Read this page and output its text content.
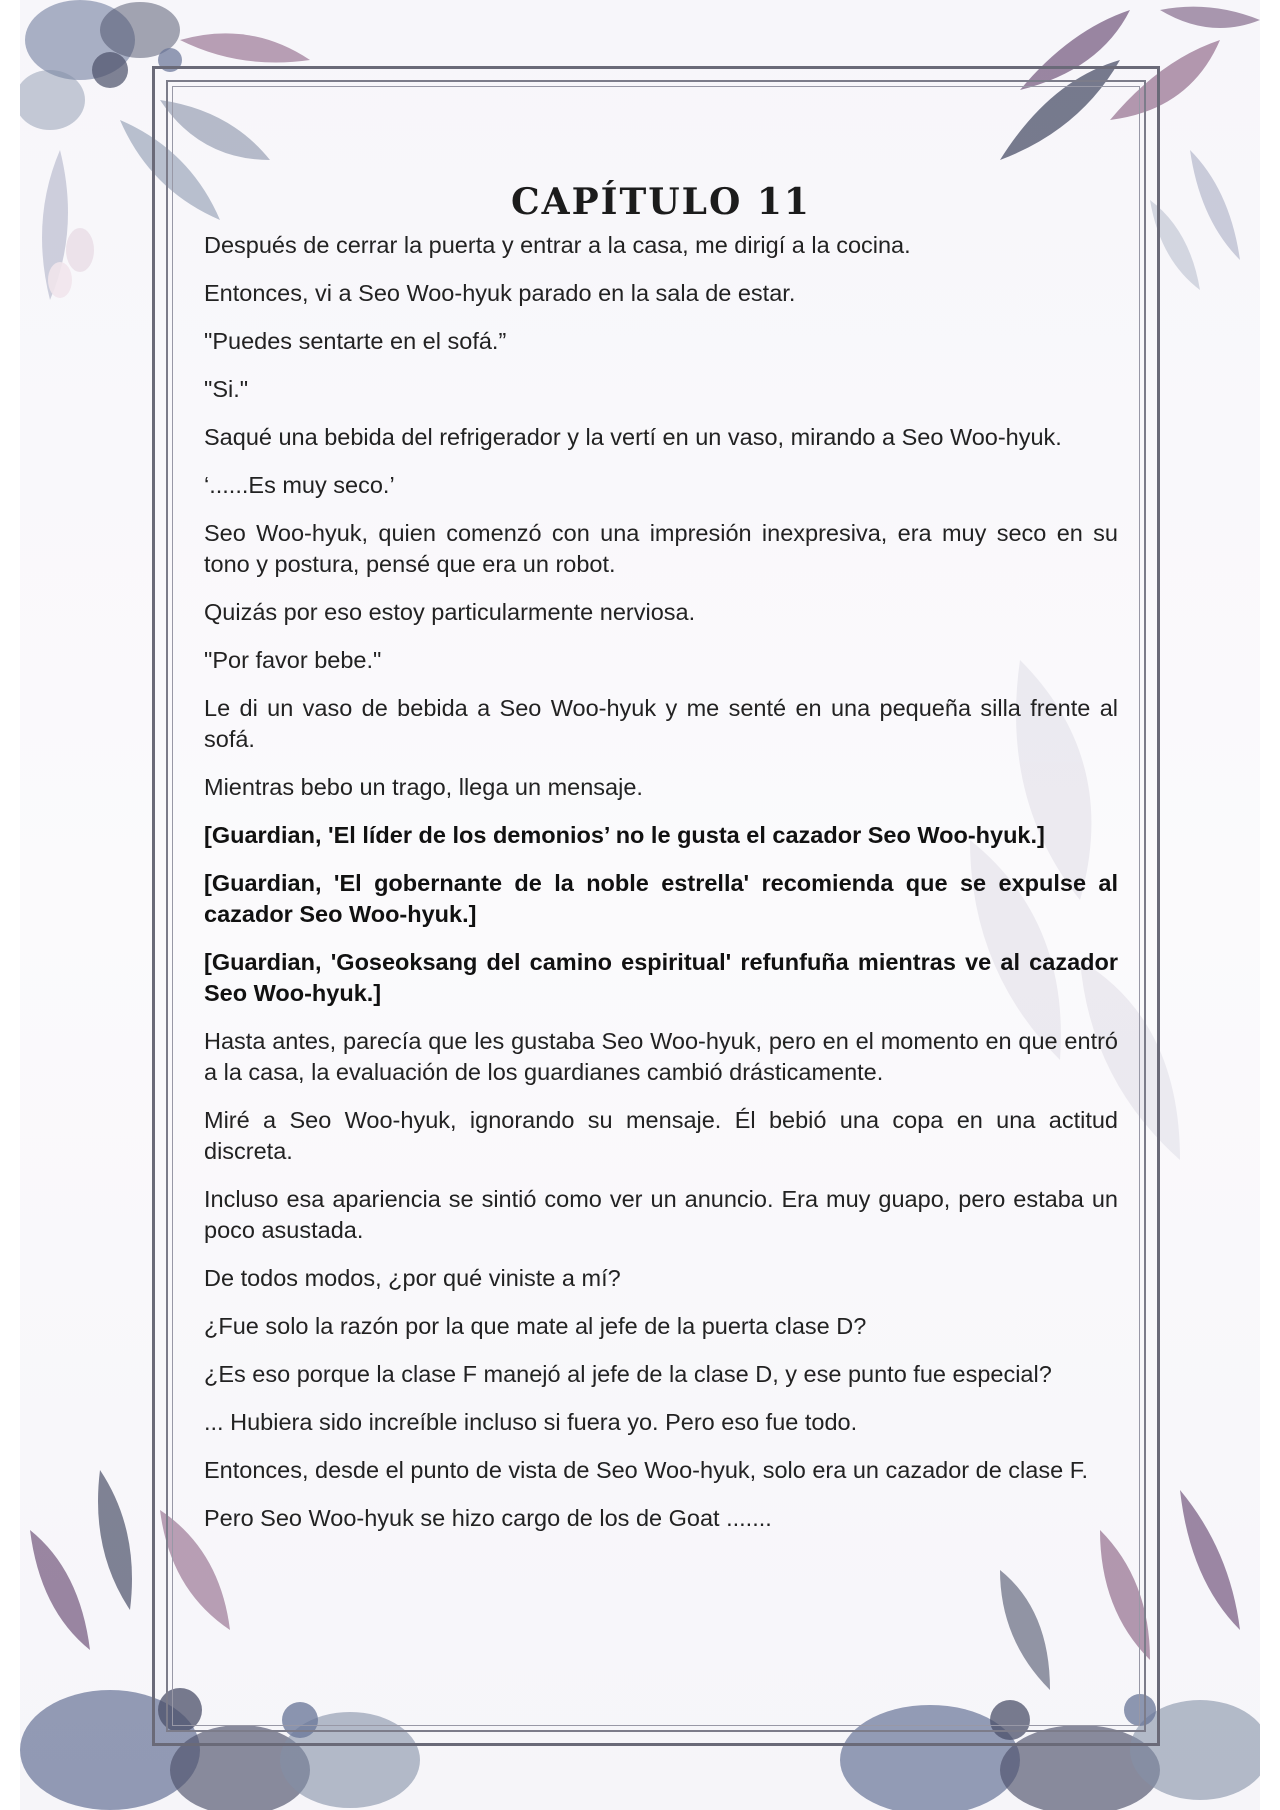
CAPÍTULO 11

Después de cerrar la puerta y entrar a la casa, me dirigí a la cocina.

Entonces, vi a Seo Woo-hyuk parado en la sala de estar.

"Puedes sentarte en el sofá.”

"Si."

Saqué una bebida del refrigerador y la vertí en un vaso, mirando a Seo Woo-hyuk.

‘......Es muy seco.’

Seo Woo-hyuk, quien comenzó con una impresión inexpresiva, era muy seco en su tono y postura, pensé que era un robot.

Quizás por eso estoy particularmente nerviosa.

"Por favor bebe."

Le di un vaso de bebida a Seo Woo-hyuk y me senté en una pequeña silla frente al sofá.

Mientras bebo un trago, llega un mensaje.

[Guardian, 'El líder de los demonios’ no le gusta el cazador Seo Woo-hyuk.]

[Guardian, 'El gobernante de la noble estrella' recomienda que se expulse al cazador Seo Woo-hyuk.]

[Guardian, 'Goseoksang del camino espiritual' refunfuña mientras ve al cazador Seo Woo-hyuk.]

Hasta antes, parecía que les gustaba Seo Woo-hyuk, pero en el momento en que entró a la casa, la evaluación de los guardianes cambió drásticamente.

Miré a Seo Woo-hyuk, ignorando su mensaje. Él bebió una copa en una actitud discreta.

Incluso esa apariencia se sintió como ver un anuncio. Era muy guapo, pero estaba un poco asustada.

De todos modos, ¿por qué viniste a mí?

¿Fue solo la razón por la que mate al jefe de la puerta clase D?

¿Es eso porque la clase F manejó al jefe de la clase D, y ese punto fue especial?

... Hubiera sido increíble incluso si fuera yo. Pero eso fue todo.

Entonces, desde el punto de vista de Seo Woo-hyuk, solo era un cazador de clase F.

Pero Seo Woo-hyuk se hizo cargo de los de Goat .......
